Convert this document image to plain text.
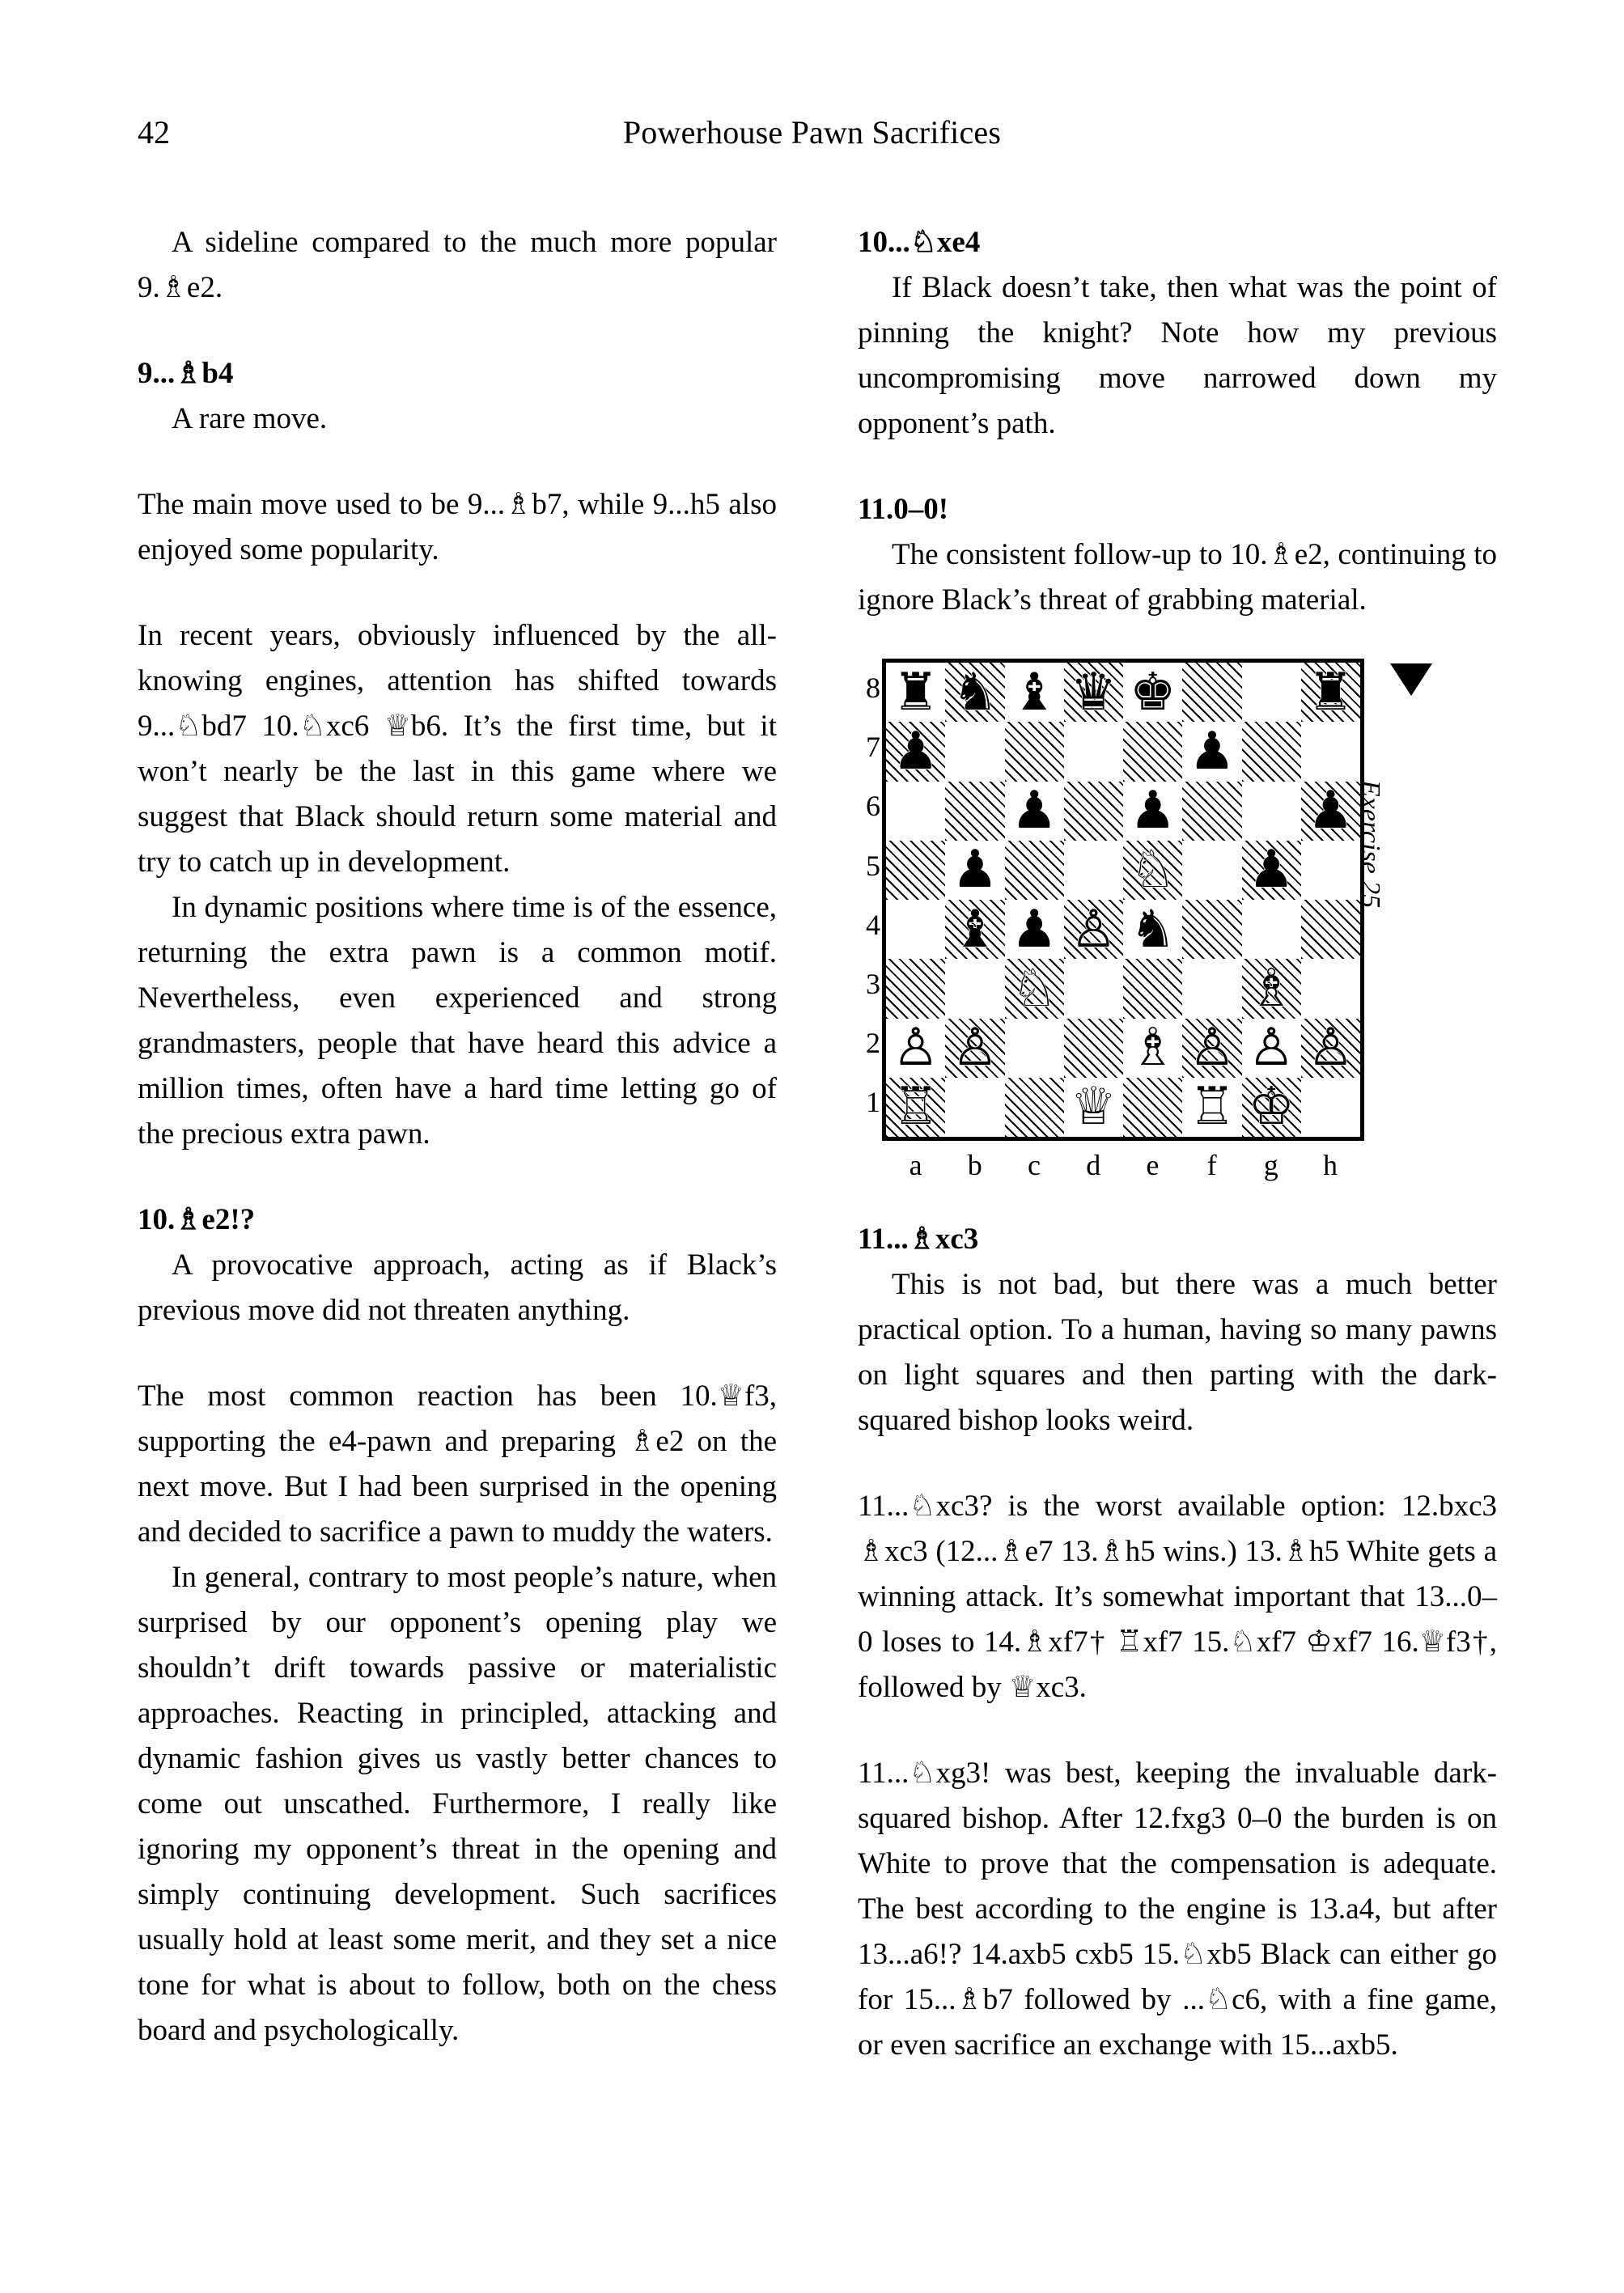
42	Powerhouse Pawn Sacrifices

A sideline compared to the much more popular 9.♗e2.

9...♗b4

A rare move.

The main move used to be 9...♗b7, while 9...h5 also enjoyed some popularity.

In recent years, obviously influenced by the all-knowing engines, attention has shifted towards 9...♘bd7 10.♘xc6 ♕b6. It’s the first time, but it won’t nearly be the last in this game where we suggest that Black should return some material and try to catch up in development.

In dynamic positions where time is of the essence, returning the extra pawn is a common motif. Nevertheless, even experienced and strong grandmasters, people that have heard this advice a million times, often have a hard time letting go of the precious extra pawn.

10.♗e2!?

A provocative approach, acting as if Black’s previous move did not threaten anything.

The most common reaction has been 10.♕f3, supporting the e4-pawn and preparing ♗e2 on the next move. But I had been surprised in the opening and decided to sacrifice a pawn to muddy the waters.

In general, contrary to most people’s nature, when surprised by our opponent’s opening play we shouldn’t drift towards passive or materialistic approaches. Reacting in principled, attacking and dynamic fashion gives us vastly better chances to come out unscathed. Furthermore, I really like ignoring my opponent’s threat in the opening and simply continuing development. Such sacrifices usually hold at least some merit, and they set a nice tone for what is about to follow, both on the chess board and psychologically.

10...♘xe4

If Black doesn’t take, then what was the point of pinning the knight? Note how my previous uncompromising move narrowed down my opponent’s path.

11.0–0!

The consistent follow-up to 10.♗e2, continuing to ignore Black’s threat of grabbing material.

8
7
6
5
4
3
2
1
♜ ♞ ♝ ♛ ♚	♜
♟	♟
♟ ♟	♟
♟	♘ ♟
♝ ♟ ♙ ♞
♘	♗
♙ ♙	♗ ♙ ♙ ♙
♖	♕ ♖ ♔
a	b	c	d	e	f	g	h
Exercise 25
11...♗xc3

This is not bad, but there was a much better practical option. To a human, having so many pawns on light squares and then parting with the dark-squared bishop looks weird.

11...♘xc3? is the worst available option: 12.bxc3 ♗xc3 (12...♗e7 13.♗h5 wins.) 13.♗h5 White gets a winning attack. It’s somewhat important that 13...0–0 loses to 14.♗xf7† ♖xf7 15.♘xf7 ♔xf7 16.♕f3†, followed by ♕xc3.

11...♘xg3! was best, keeping the invaluable dark-squared bishop. After 12.fxg3 0–0 the burden is on White to prove that the compensation is adequate. The best according to the engine is 13.a4, but after 13...a6!? 14.axb5 cxb5 15.♘xb5 Black can either go for 15...♗b7 followed by ...♘c6, with a fine game, or even sacrifice an exchange with 15...axb5.
